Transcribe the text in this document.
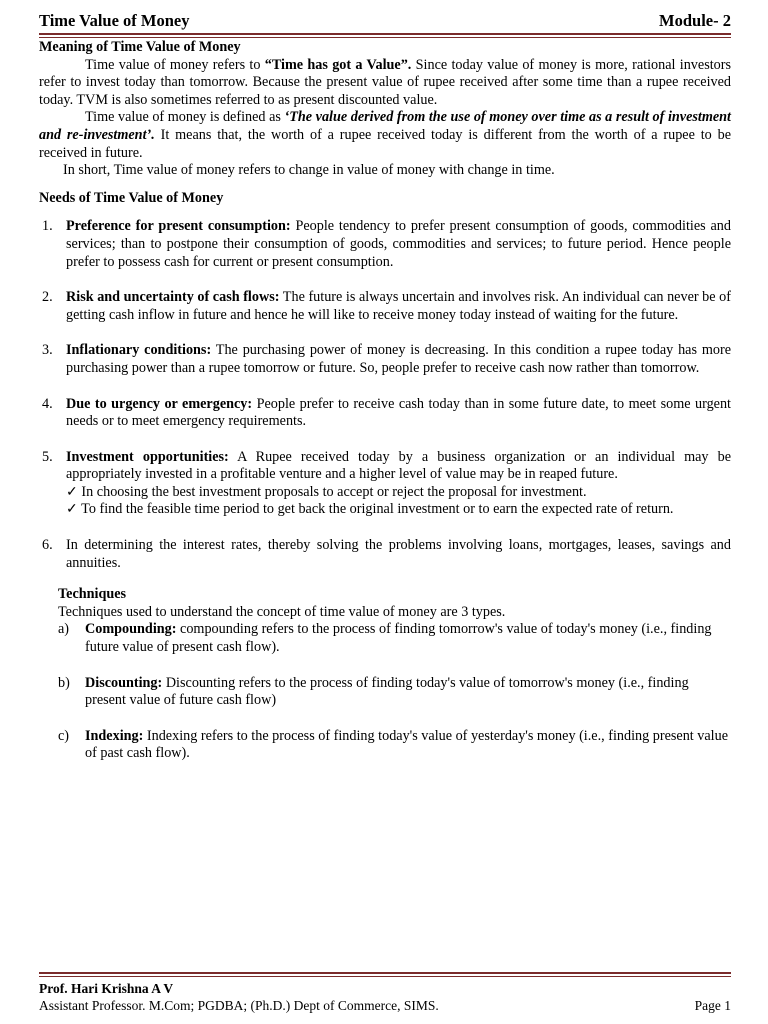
Time Value of Money	Module- 2
Meaning of Time Value of Money

Time value of money refers to “Time has got a Value”. Since today value of money is more, rational investors refer to invest today than tomorrow. Because the present value of rupee received after some time than a rupee received today. TVM is also sometimes referred to as present discounted value.

Time value of money is defined as ‘The value derived from the use of money over time as a result of investment and re-investment’. It means that, the worth of a rupee received today is different from the worth of a rupee to be received in future.

In short, Time value of money refers to change in value of money with change in time.

Needs of Time Value of Money
1. Preference for present consumption: People tendency to prefer present consumption of goods, commodities and services; than to postpone their consumption of goods, commodities and services; to future period. Hence people prefer to possess cash for current or present consumption.
2. Risk and uncertainty of cash flows: The future is always uncertain and involves risk. An individual can never be of getting cash inflow in future and hence he will like to receive money today instead of waiting for the future.
3. Inflationary conditions: The purchasing power of money is decreasing. In this condition a rupee today has more purchasing power than a rupee tomorrow or future. So, people prefer to receive cash now rather than tomorrow.
4. Due to urgency or emergency: People prefer to receive cash today than in some future date, to meet some urgent needs or to meet emergency requirements.
5. Investment opportunities: A Rupee received today by a business organization or an individual may be appropriately invested in a profitable venture and a higher level of value may be in reaped future.
✓ In choosing the best investment proposals to accept or reject the proposal for investment.
✓ To find the feasible time period to get back the original investment or to earn the expected rate of return.
6. In determining the interest rates, thereby solving the problems involving loans, mortgages, leases, savings and annuities.
Techniques

Techniques used to understand the concept of time value of money are 3 types.

a) Compounding: compounding refers to the process of finding tomorrow's value of today's money (i.e., finding future value of present cash flow).
b) Discounting: Discounting refers to the process of finding today's value of tomorrow's money (i.e., finding present value of future cash flow)
c) Indexing: Indexing refers to the process of finding today's value of yesterday's money (i.e., finding present value of past cash flow).
Prof. Hari Krishna A V
Assistant Professor. M.Com; PGDBA; (Ph.D.) Dept of Commerce, SIMS.	Page 1
